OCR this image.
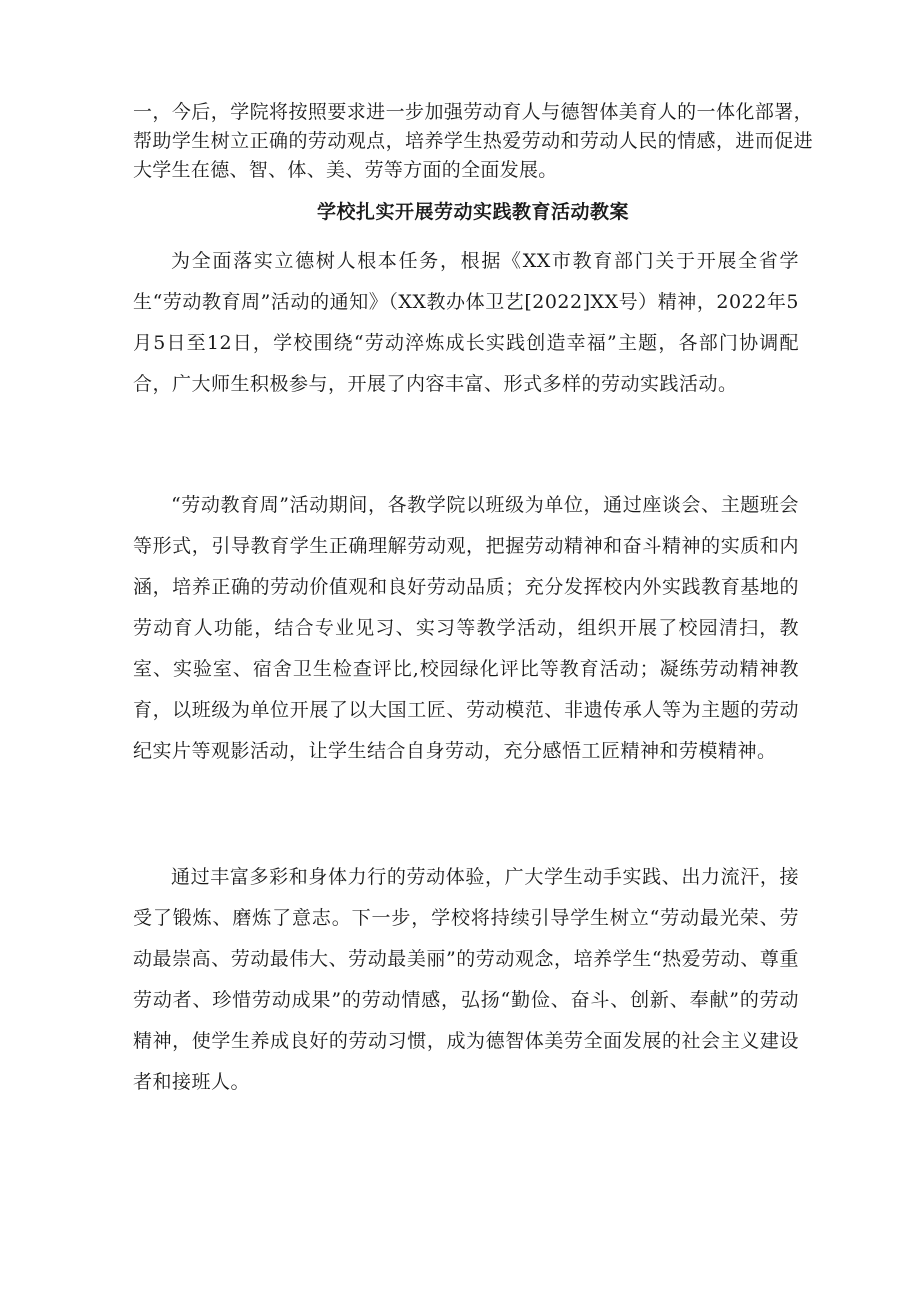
一，今后，学院将按照要求进一步加强劳动育人与德智体美育人的一体化部署，帮助学生树立正确的劳动观点，培养学生热爱劳动和劳动人民的情感，进而促进大学生在德、智、体、美、劳等方面的全面发展。

学校扎实开展劳动实践教育活动教案

为全面落实立德树人根本任务，根据《XX市教育部门关于开展全省学生“劳动教育周”活动的通知》（XX教办体卫艺[2022]XX号）精神，2022年5月5日至12日，学校围绕“劳动淬炼成长实践创造幸福”主题，各部门协调配合，广大师生积极参与，开展了内容丰富、形式多样的劳动实践活动。

“劳动教育周”活动期间，各教学院以班级为单位，通过座谈会、主题班会等形式，引导教育学生正确理解劳动观，把握劳动精神和奋斗精神的实质和内涵，培养正确的劳动价值观和良好劳动品质；充分发挥校内外实践教育基地的劳动育人功能，结合专业见习、实习等教学活动，组织开展了校园清扫，教室、实验室、宿舍卫生检查评比,校园绿化评比等教育活动；凝练劳动精神教育，以班级为单位开展了以大国工匠、劳动模范、非遗传承人等为主题的劳动纪实片等观影活动，让学生结合自身劳动，充分感悟工匠精神和劳模精神。

通过丰富多彩和身体力行的劳动体验，广大学生动手实践、出力流汗，接受了锻炼、磨炼了意志。下一步，学校将持续引导学生树立“劳动最光荣、劳动最崇高、劳动最伟大、劳动最美丽”的劳动观念，培养学生“热爱劳动、尊重劳动者、珍惜劳动成果”的劳动情感，弘扬“勤俭、奋斗、创新、奉献”的劳动精神，使学生养成良好的劳动习惯，成为德智体美劳全面发展的社会主义建设者和接班人。
